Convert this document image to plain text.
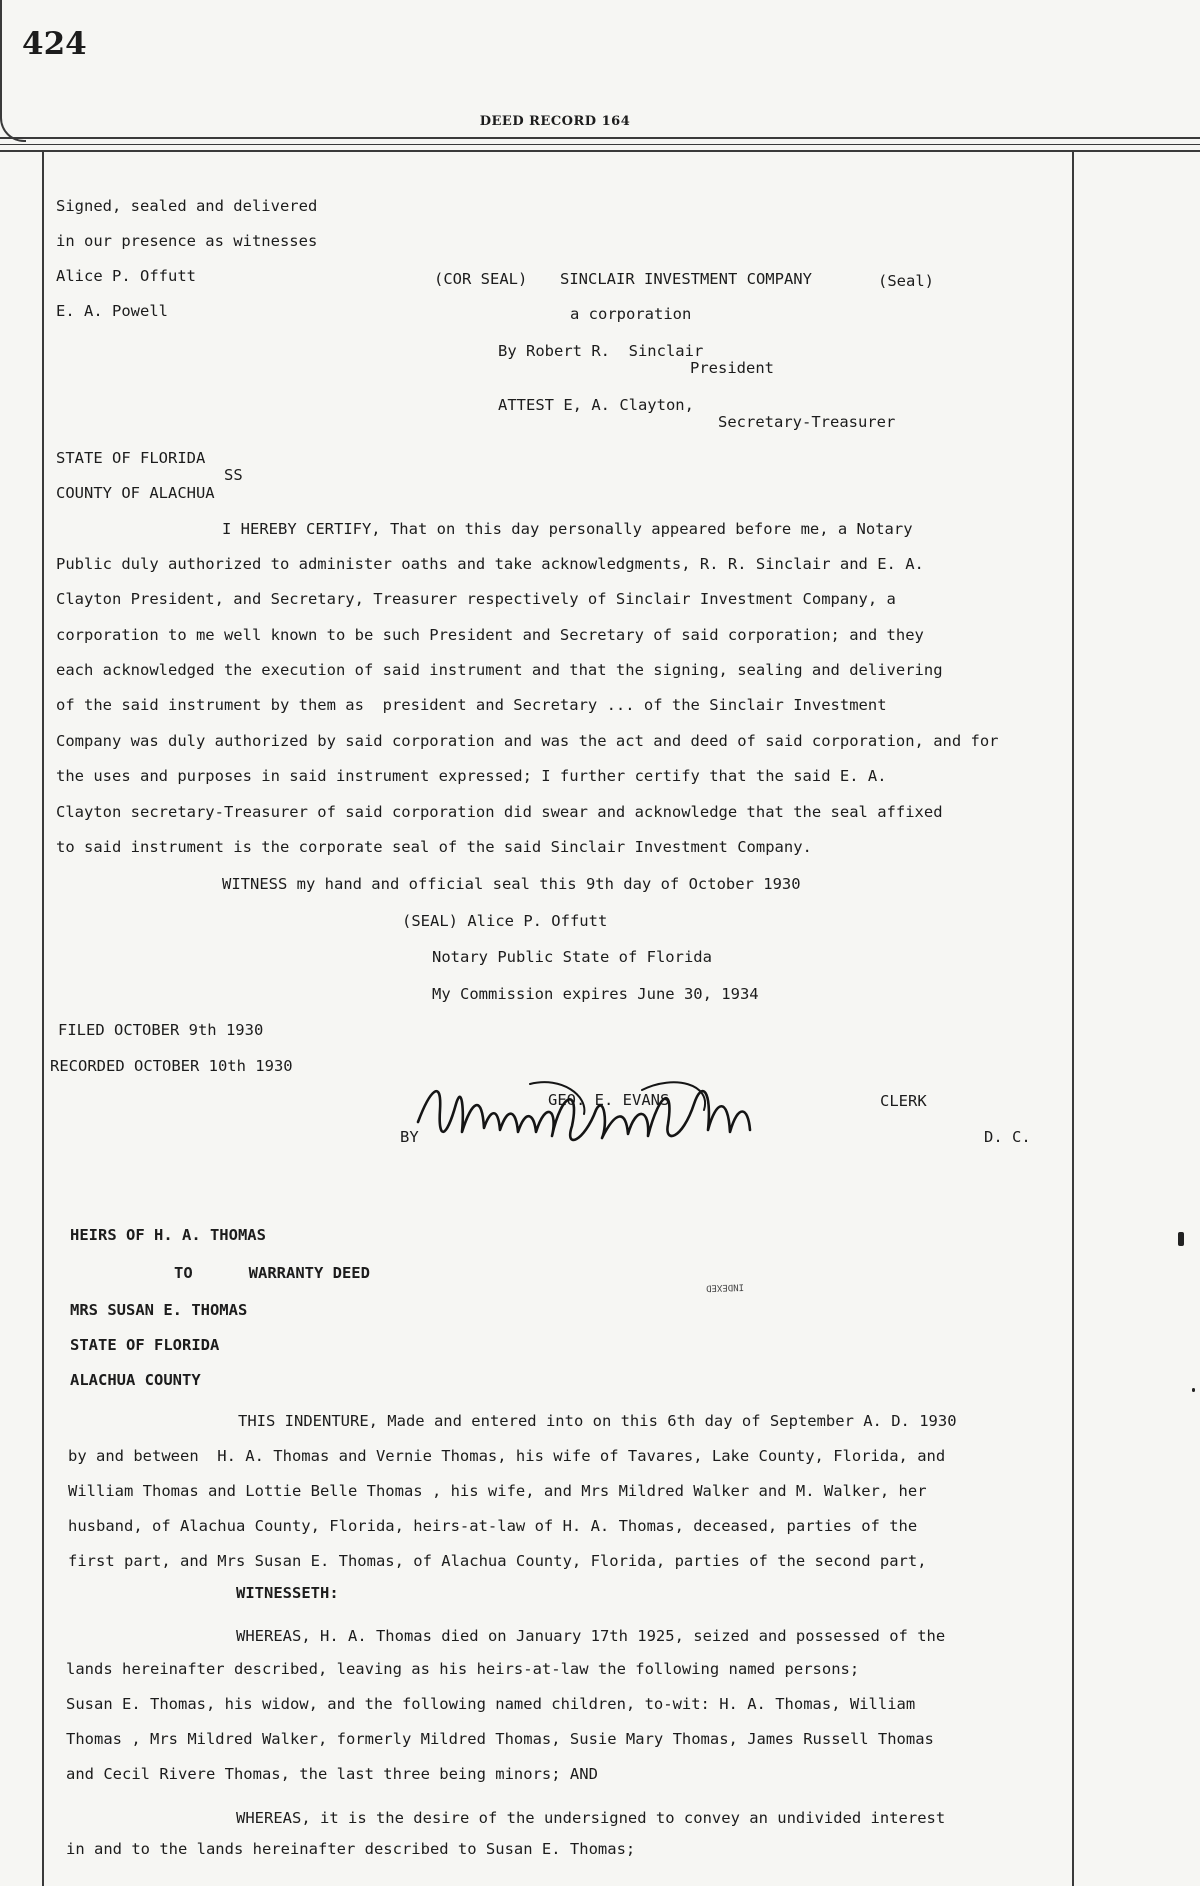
424
DEED RECORD 164
Signed, sealed and delivered
in our presence as witnesses
Alice P. Offutt
E. A. Powell
(COR SEAL) SINCLAIR INVESTMENT COMPANY	(Seal)
a corporation
By Robert R.  Sinclair
President
ATTEST E, A. Clayton,
Secretary-Treasurer
STATE OF FLORIDA
SS
COUNTY OF ALACHUA
I HEREBY CERTIFY, That on this day personally appeared before me, a Notary
Public duly authorized to administer oaths and take acknowledgments, R. R. Sinclair and E. A.
Clayton President, and Secretary, Treasurer respectively of Sinclair Investment Company, a
corporation to me well known to be such President and Secretary of said corporation; and they
each acknowledged the execution of said instrument and that the signing, sealing and delivering
of the said instrument by them as  president and Secretary ... of the Sinclair Investment
Company was duly authorized by said corporation and was the act and deed of said corporation, and for
the uses and purposes in said instrument expressed; I further certify that the said E. A.
Clayton secretary-Treasurer of said corporation did swear and acknowledge that the seal affixed
to said instrument is the corporate seal of the said Sinclair Investment Company.
WITNESS my hand and official seal this 9th day of October 1930
(SEAL) Alice P. Offutt
Notary Public State of Florida
My Commission expires June 30, 1934
FILED OCTOBER 9th 1930
RECORDED OCTOBER 10th 1930
GEO. E. EVANS	CLERK
BY	D. C.
HEIRS OF H. A. THOMAS
TO      WARRANTY DEED
MRS SUSAN E. THOMAS
STATE OF FLORIDA
ALACHUA COUNTY
INDEXED
THIS INDENTURE, Made and entered into on this 6th day of September A. D. 1930
by and between  H. A. Thomas and Vernie Thomas, his wife of Tavares, Lake County, Florida, and
William Thomas and Lottie Belle Thomas , his wife, and Mrs Mildred Walker and M. Walker, her
husband, of Alachua County, Florida, heirs-at-law of H. A. Thomas, deceased, parties of the
first part, and Mrs Susan E. Thomas, of Alachua County, Florida, parties of the second part,
WITNESSETH:
WHEREAS, H. A. Thomas died on January 17th 1925, seized and possessed of the
lands hereinafter described, leaving as his heirs-at-law the following named persons;
Susan E. Thomas, his widow, and the following named children, to-wit: H. A. Thomas, William
Thomas , Mrs Mildred Walker, formerly Mildred Thomas, Susie Mary Thomas, James Russell Thomas
and Cecil Rivere Thomas, the last three being minors; AND
WHEREAS, it is the desire of the undersigned to convey an undivided interest
in and to the lands hereinafter described to Susan E. Thomas;
